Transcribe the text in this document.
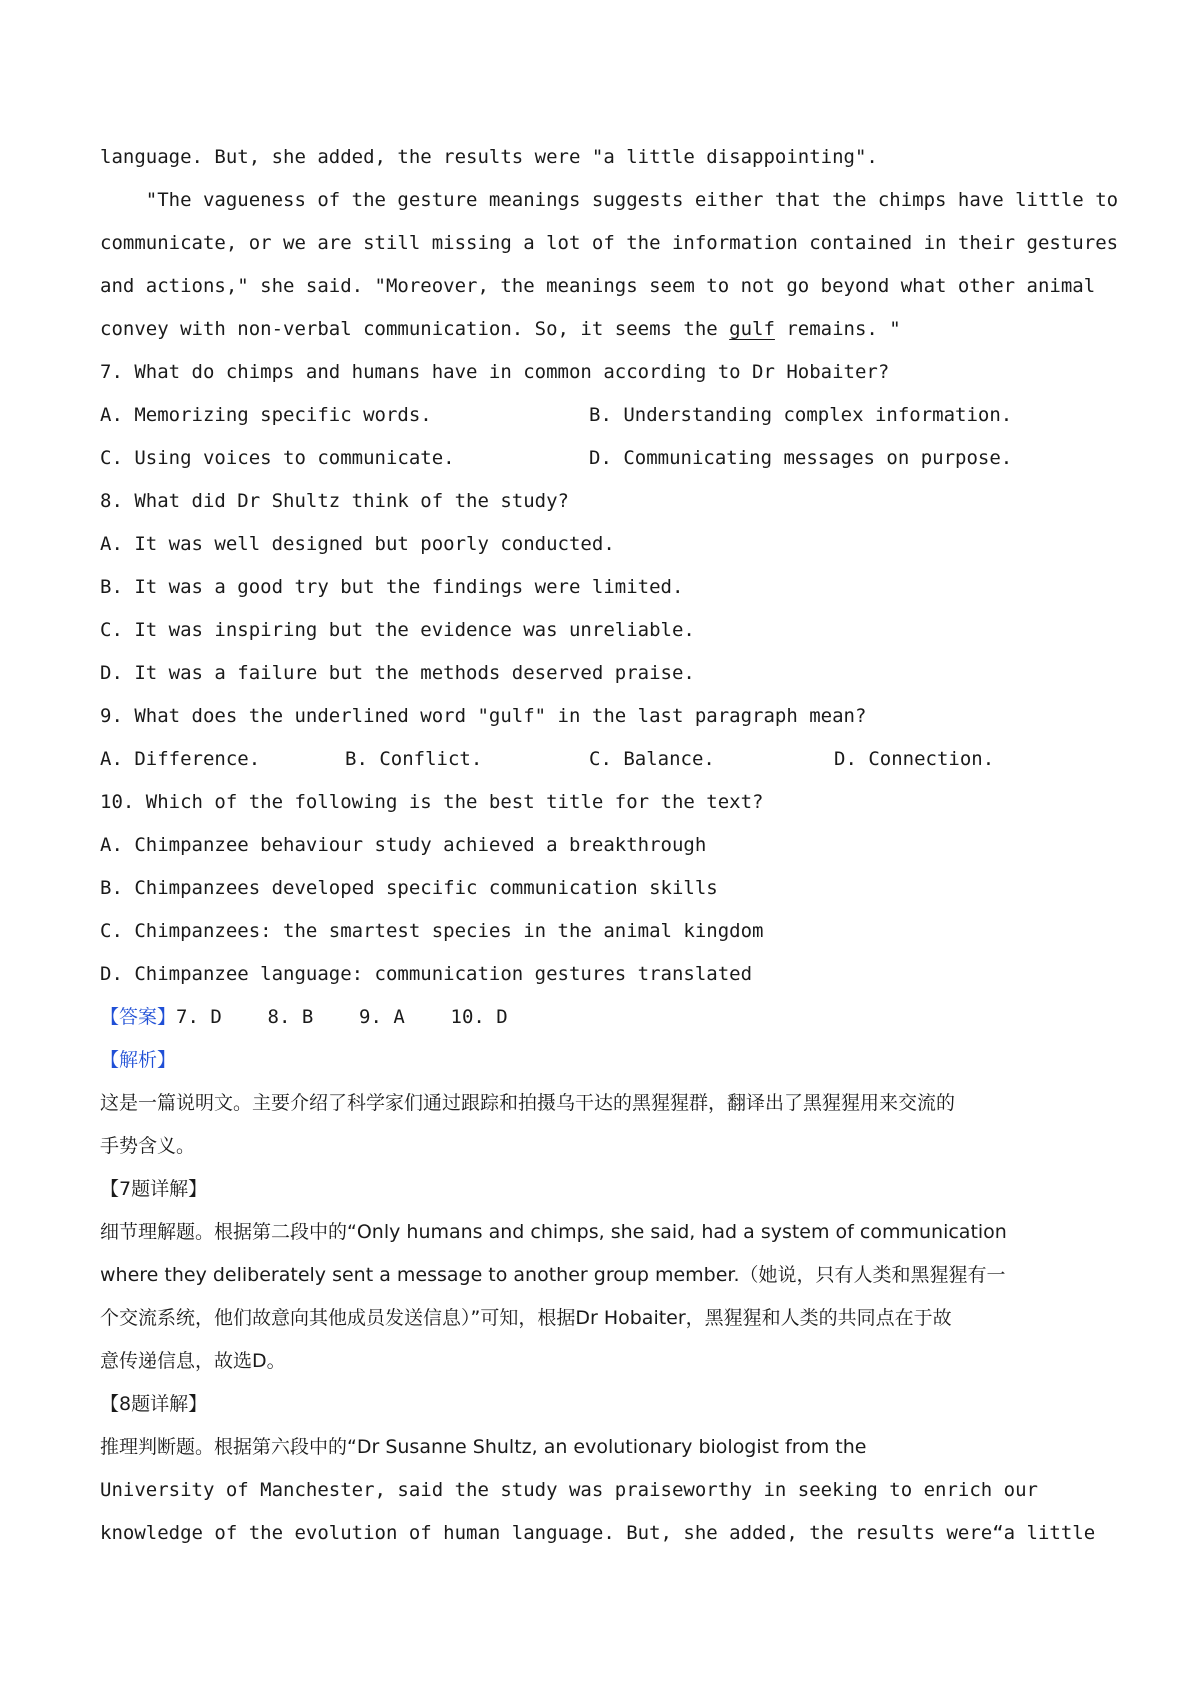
language. But, she added, the results were "a little disappointing".
"The vagueness of the gesture meanings suggests either that the chimps have little to
communicate, or we are still missing a lot of the information contained in their gestures
and actions," she said. "Moreover, the meanings seem to not go beyond what other animal
convey with non-verbal communication. So, it seems the gulf remains. "
7. What do chimps and humans have in common according to Dr Hobaiter?
A. Memorizing specific words.	B. Understanding complex information.
C. Using voices to communicate.	D. Communicating messages on purpose.
8. What did Dr Shultz think of the study?
A. It was well designed but poorly conducted.
B. It was a good try but the findings were limited.
C. It was inspiring but the evidence was unreliable.
D. It was a failure but the methods deserved praise.
9. What does the underlined word "gulf" in the last paragraph mean?
A. Difference.	B. Conflict.	C. Balance.	D. Connection.
10. Which of the following is the best title for the text?
A. Chimpanzee behaviour study achieved a breakthrough
B. Chimpanzees developed specific communication skills
C. Chimpanzees: the smartest species in the animal kingdom
D. Chimpanzee language: communication gestures translated
【答案】7. D    8. B    9. A    10. D
【解析】
这是一篇说明文。主要介绍了科学家们通过跟踪和拍摄乌干达的黑猩猩群，翻译出了黑猩猩用来交流的
手势含义。
【7题详解】
细节理解题。根据第二段中的“Only humans and chimps, she said, had a system of communication
where they deliberately sent a message to another group member.（她说，只有人类和黑猩猩有一
个交流系统，他们故意向其他成员发送信息）”可知，根据Dr Hobaiter，黑猩猩和人类的共同点在于故
意传递信息，故选D。
【8题详解】
推理判断题。根据第六段中的“Dr Susanne Shultz, an evolutionary biologist from the
University of Manchester, said the study was praiseworthy in seeking to enrich our
knowledge of the evolution of human language. But, she added, the results were“a little
